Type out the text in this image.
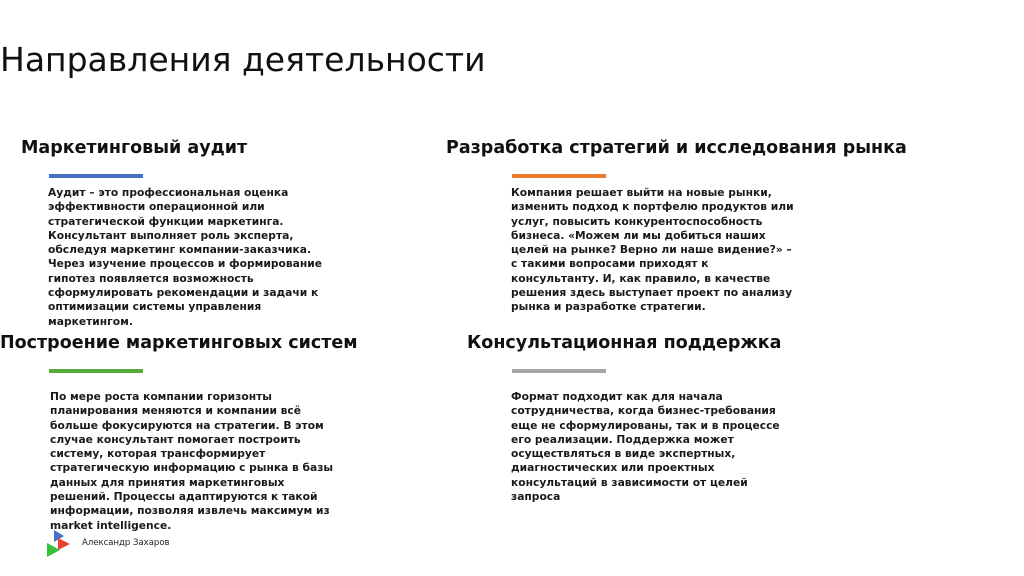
Направления деятельности
Маркетинговый аудит
Аудит – это профессиональная оценка
эффективности операционной или
стратегической функции маркетинга.
Консультант выполняет роль эксперта,
обследуя маркетинг компании-заказчика.
Через изучение процессов и формирование
гипотез появляется возможность
сформулировать рекомендации и задачи к
оптимизации системы управления
маркетингом.
Разработка стратегий и исследования рынка
Компания решает выйти на новые рынки,
изменить подход к портфелю продуктов или
услуг, повысить конкурентоспособность
бизнеса. «Можем ли мы добиться наших
целей на рынке? Верно ли наше видение?» –
с такими вопросами приходят к
консультанту. И, как правило, в качестве
решения здесь выступает проект по анализу
рынка и разработке стратегии.
Построение маркетинговых систем
По мере роста компании горизонты
планирования меняются и компании всё
больше фокусируются на стратегии. В этом
случае консультант помогает построить
систему, которая трансформирует
стратегическую информацию с рынка в базы
данных для принятия маркетинговых
решений. Процессы адаптируются к такой
информации, позволяя извлечь максимум из
market intelligence.
Консультационная поддержка
Формат подходит как для начала
сотрудничества, когда бизнес-требования
еще не сформулированы, так и в процессе
его реализации. Поддержка может
осуществляться в виде экспертных,
диагностических или проектных
консультаций в зависимости от целей
запроса
Александр Захаров
